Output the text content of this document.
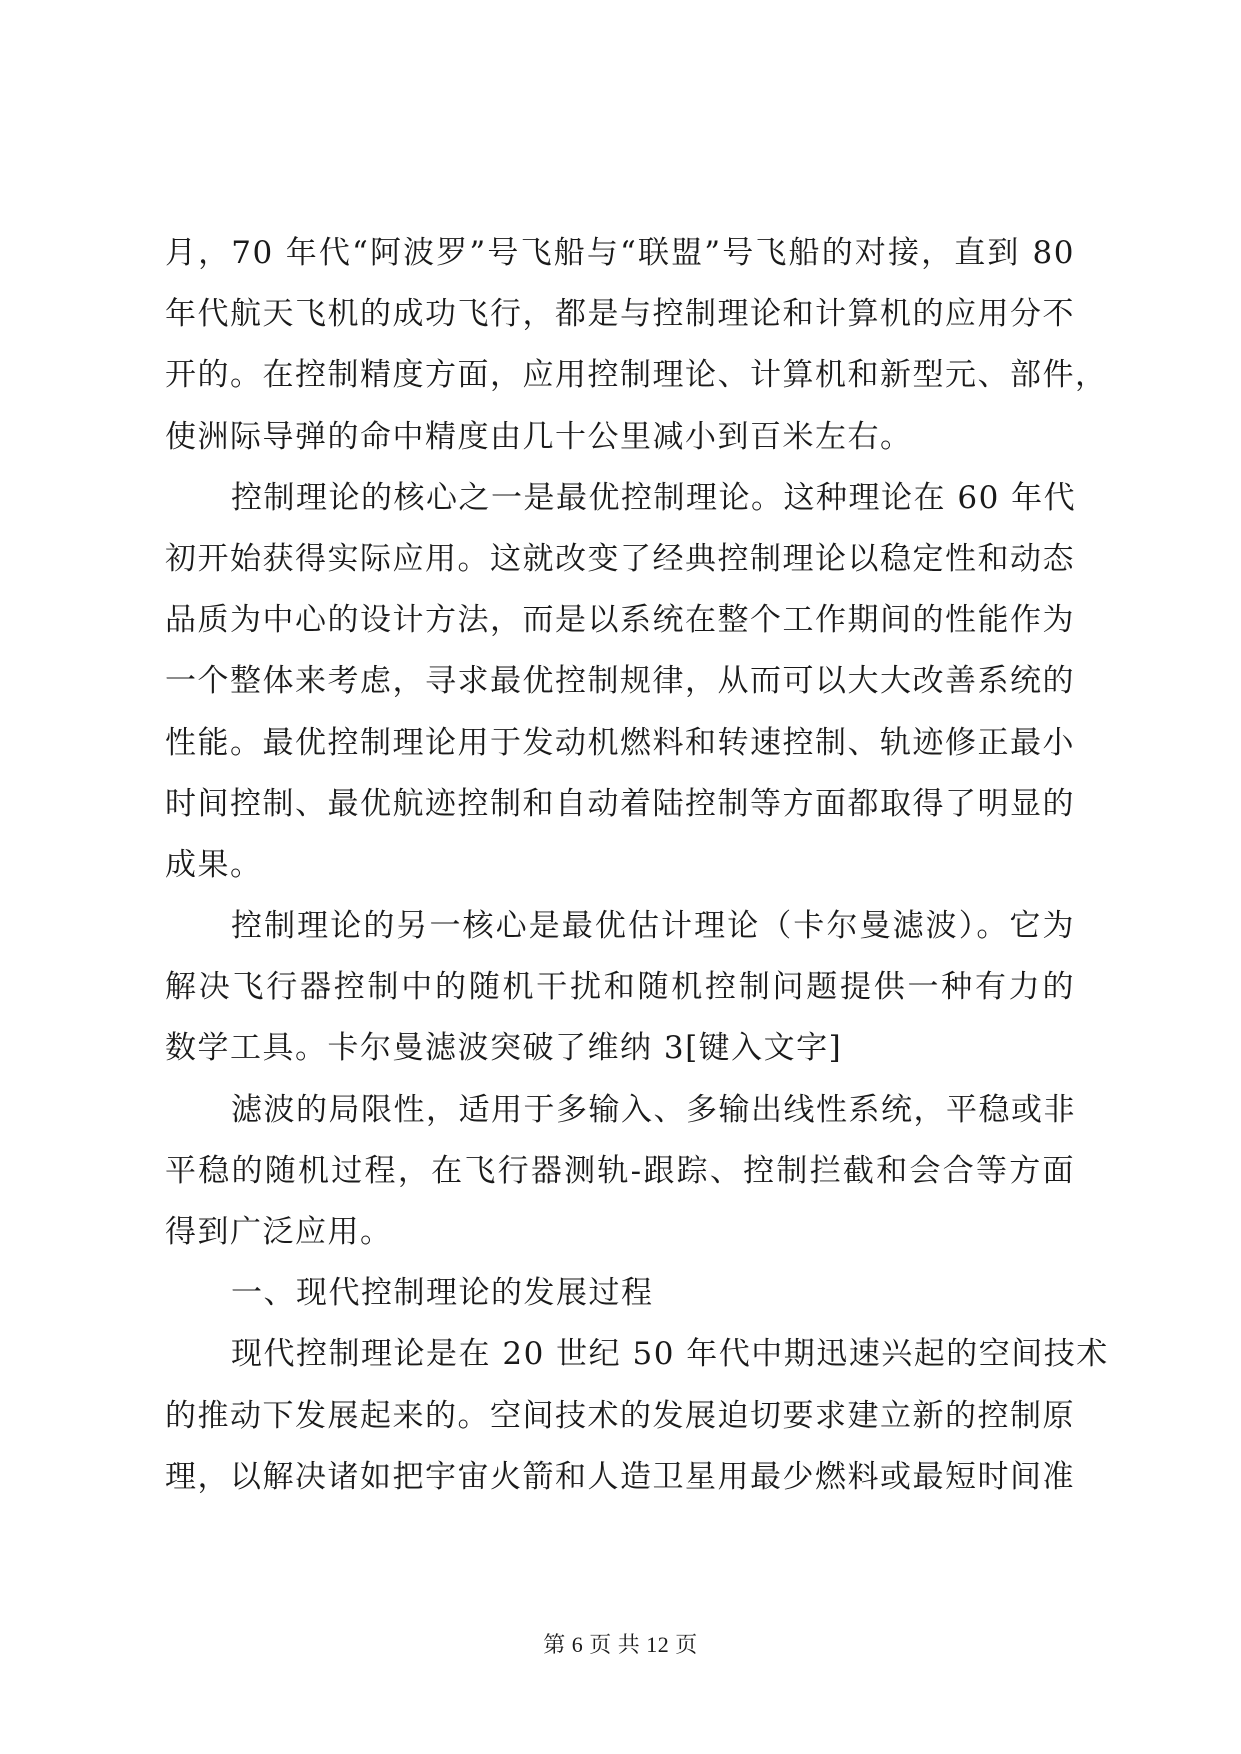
月，70 年代“阿波罗”号飞船与“联盟”号飞船的对接，直到 80
年代航天飞机的成功飞行，都是与控制理论和计算机的应用分不
开的。在控制精度方面，应用控制理论、计算机和新型元、部件，
使洲际导弹的命中精度由几十公里减小到百米左右。
控制理论的核心之一是最优控制理论。这种理论在 60 年代
初开始获得实际应用。这就改变了经典控制理论以稳定性和动态
品质为中心的设计方法，而是以系统在整个工作期间的性能作为
一个整体来考虑，寻求最优控制规律，从而可以大大改善系统的
性能。最优控制理论用于发动机燃料和转速控制、轨迹修正最小
时间控制、最优航迹控制和自动着陆控制等方面都取得了明显的
成果。
控制理论的另一核心是最优估计理论（卡尔曼滤波）。它为
解决飞行器控制中的随机干扰和随机控制问题提供一种有力的
数学工具。卡尔曼滤波突破了维纳 3[键入文字]
滤波的局限性，适用于多输入、多输出线性系统，平稳或非
平稳的随机过程，在飞行器测轨-跟踪、控制拦截和会合等方面
得到广泛应用。
一、现代控制理论的发展过程
现代控制理论是在 20 世纪 50 年代中期迅速兴起的空间技术
的推动下发展起来的。空间技术的发展迫切要求建立新的控制原
理，以解决诸如把宇宙火箭和人造卫星用最少燃料或最短时间准
第 6 页 共 12 页
